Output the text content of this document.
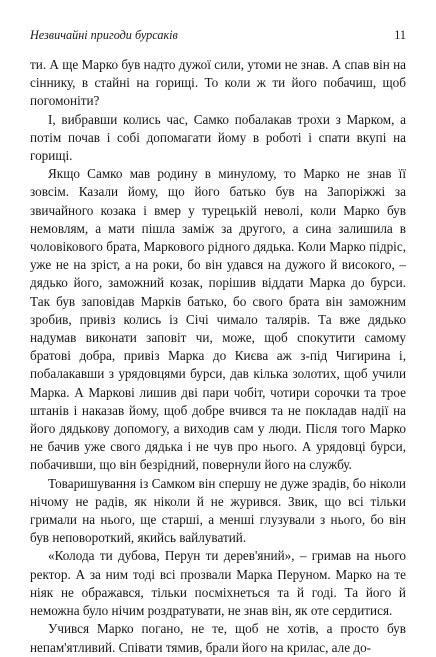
Незвичайні пригоди бурсаків	11

ти. А ще Марко був надто дужої сили, утоми не знав. А спав він на сіннику, в стайні на горищі. То коли ж ти його побачиш, щоб погомоніти?

І, вибравши колись час, Самко побалакав трохи з Марком, а потім почав і собі допомагати йому в роботі і спати вкупі на горищі.

Якщо Самко мав родину в минулому, то Марко не знав її зовсім. Казали йому, що його батько був на Запоріжжі за звичайного козака і вмер у турецькій неволі, коли Марко був немовлям, а мати пішла заміж за другого, а сина залишила в чоловікового брата, Маркового рідного дядька. Коли Марко підріс, уже не на зріст, а на роки, бо він удався на дужого й високого, – дядько його, заможний козак, порішив віддати Марка до бурси. Так був заповідав Марків батько, бо свого брата він заможним зробив, привіз колись із Січі чимало талярів. Та вже дядько надумав виконати заповіт чи, може, щоб спокутити самому братові добра, привіз Марка до Києва аж з-під Чигирина і, побалакавши з урядовцями бурси, дав кілька золотих, щоб учили Марка. А Маркові лишив дві пари чобіт, чотири сорочки та трое штанів і наказав йому, щоб добре вчився та не покладав надії на його дядькову допомогу, а виходив сам у люди. Після того Марко не бачив уже свого дядька і не чув про нього. А урядовці бурси, побачивши, що він безрідний, повернули його на службу.

Товаришування із Самком він спершу не дуже зрадів, бо ніколи нічому не радів, як ніколи й не журився. Звик, що всі тільки гримали на нього, ще старші, а менші глузували з нього, бо він був неповороткий, якийсь вайлуватий.

«Колода ти дубова, Перун ти дерев'яний», – гримав на нього ректор. А за ним тоді всі прозвали Марка Перуном. Марко на те ніяк не ображався, тільки посміхнеться та й годі. Та його й неможна було нічим роздратувати, не знав він, як оте сердитися.

Учився Марко погано, не те, щоб не хотів, а просто був непам'ятливий. Співати тямив, брали його на крилас, але до-
